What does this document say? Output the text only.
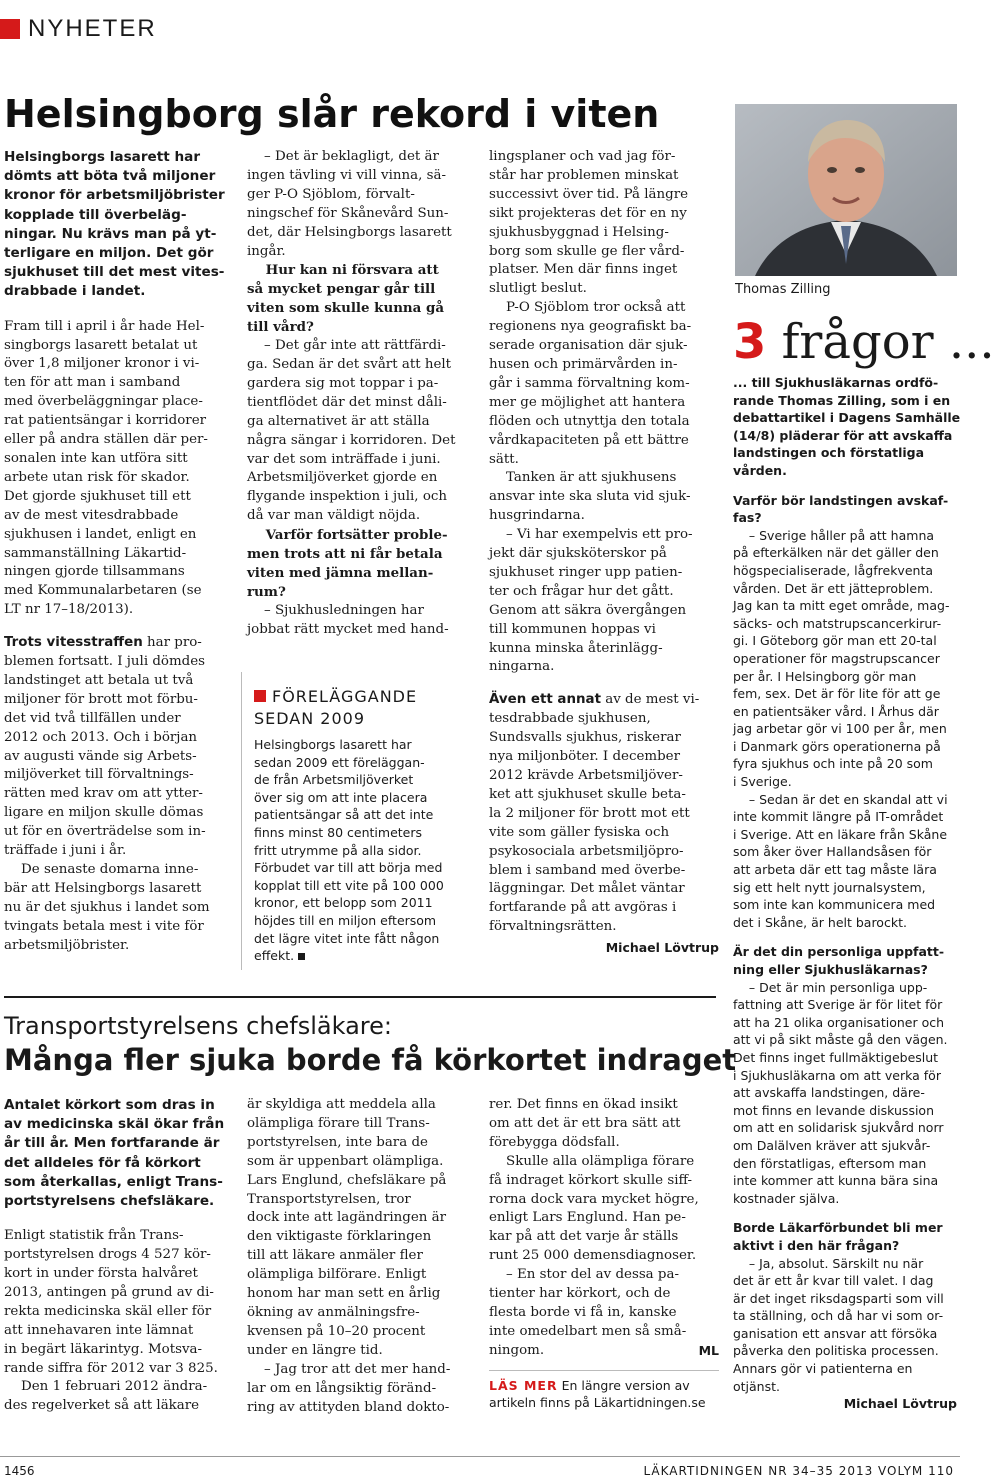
NYHETER
Helsingborg slår rekord i viten
Helsingborgs lasarett har
dömts att böta två miljoner
kronor för arbetsmiljöbrister
kopplade till överbeläg-
ningar. Nu krävs man på yt-
terligare en miljon. Det gör
sjukhuset till det mest vites-
drabbade i landet.
Fram till i april i år hade Hel-
singborgs lasarett betalat ut
över 1,8 miljoner kronor i vi-
ten för att man i samband
med överbeläggningar place-
rat patientsängar i korridorer
eller på andra ställen där per-
sonalen inte kan utföra sitt
arbete utan risk för skador.
Det gjorde sjukhuset till ett
av de mest vitesdrabbade
sjukhusen i landet, enligt en
sammanställning Läkartid-
ningen gjorde tillsammans
med Kommunalarbetaren (se
LT nr 17–18/2013).
Trots vitesstraffen har pro-
blemen fortsatt. I juli dömdes
landstinget att betala ut två
miljoner för brott mot förbu-
det vid två tillfällen under
2012 och 2013. Och i början
av augusti vände sig Arbets-
miljöverket till förvaltnings-
rätten med krav om att ytter-
ligare en miljon skulle dömas
ut för en överträdelse som in-
träffade i juni i år.
De senaste domarna inne-
bär att Helsingborgs lasarett
nu är det sjukhus i landet som
tvingats betala mest i vite för
arbetsmiljöbrister.
– Det är beklagligt, det är
ingen tävling vi vill vinna, sä-
ger P-O Sjöblom, förvalt-
ningschef för Skånevård Sun-
det, där Helsingborgs lasarett
ingår.
Hur kan ni försvara att
så mycket pengar går till
viten som skulle kunna gå
till vård?
– Det går inte att rättfärdi-
ga. Sedan är det svårt att helt
gardera sig mot toppar i pa-
tientflödet där det minst dåli-
ga alternativet är att ställa
några sängar i korridoren. Det
var det som inträffade i juni.
Arbetsmiljöverket gjorde en
flygande inspektion i juli, och
då var man väldigt nöjda.
Varför fortsätter proble-
men trots att ni får betala
viten med jämna mellan-
rum?
– Sjukhusledningen har
jobbat rätt mycket med hand-
FÖRELÄGGANDE
SEDAN 2009
Helsingborgs lasarett har
sedan 2009 ett föreläggan-
de från Arbetsmiljöverket
över sig om att inte placera
patientsängar så att det inte
finns minst 80 centimeters
fritt utrymme på alla sidor.
Förbudet var till att börja med
kopplat till ett vite på 100 000
kronor, ett belopp som 2011
höjdes till en miljon eftersom
det lägre vitet inte fått någon
effekt.
lingsplaner och vad jag för-
står har problemen minskat
successivt över tid. På längre
sikt projekteras det för en ny
sjukhusbyggnad i Helsing-
borg som skulle ge fler vård-
platser. Men där finns inget
slutligt beslut.
P-O Sjöblom tror också att
regionens nya geografiskt ba-
serade organisation där sjuk-
husen och primärvården in-
går i samma förvaltning kom-
mer ge möjlighet att hantera
flöden och utnyttja den totala
vårdkapaciteten på ett bättre
sätt.
Tanken är att sjukhusens
ansvar inte ska sluta vid sjuk-
husgrindarna.
– Vi har exempelvis ett pro-
jekt där sjuksköterskor på
sjukhuset ringer upp patien-
ter och frågar hur det gått.
Genom att säkra övergången
till kommunen hoppas vi
kunna minska återinlägg-
ningarna.
Även ett annat av de mest vi-
tesdrabbade sjukhusen,
Sundsvalls sjukhus, riskerar
nya miljonböter. I december
2012 krävde Arbetsmiljöver-
ket att sjukhuset skulle beta-
la 2 miljoner för brott mot ett
vite som gäller fysiska och
psykosociala arbetsmiljöpro-
blem i samband med överbe-
läggningar. Det målet väntar
fortfarande på att avgöras i
förvaltningsrätten.
Michael Lövtrup
Transportstyrelsens chefsläkare:
Många fler sjuka borde få körkortet indraget
Antalet körkort som dras in
av medicinska skäl ökar från
år till år. Men fortfarande är
det alldeles för få körkort
som återkallas, enligt Trans-
portstyrelsens chefsläkare.
Enligt statistik från Trans-
portstyrelsen drogs 4 527 kör-
kort in under första halvåret
2013, antingen på grund av di-
rekta medicinska skäl eller för
att innehavaren inte lämnat
in begärt läkarintyg. Motsva-
rande siffra för 2012 var 3 825.
Den 1 februari 2012 ändra-
des regelverket så att läkare
är skyldiga att meddela alla
olämpliga förare till Trans-
portstyrelsen, inte bara de
som är uppenbart olämpliga.
Lars Englund, chefsläkare på
Transportstyrelsen, tror
dock inte att lagändringen är
den viktigaste förklaringen
till att läkare anmäler fler
olämpliga bilförare. Enligt
honom har man sett en årlig
ökning av anmälningsfre-
kvensen på 10–20 procent
under en längre tid.
– Jag tror att det mer hand-
lar om en långsiktig föränd-
ring av attityden bland dokto-
rer. Det finns en ökad insikt
om att det är ett bra sätt att
förebygga dödsfall.
Skulle alla olämpliga förare
få indraget körkort skulle siff-
rorna dock vara mycket högre,
enligt Lars Englund. Han pe-
kar på att det varje år ställs
runt 25 000 demensdiagnoser.
– En stor del av dessa pa-
tienter har körkort, och de
flesta borde vi få in, kanske
inte omedelbart men så små-
ningom.	ML
LÄS MER En längre version av
artikeln finns på Läkartidningen.se
Thomas Zilling
3 frågor ...
... till Sjukhusläkarnas ordfö-
rande Thomas Zilling, som i en
debattartikel i Dagens Samhälle
(14/8) pläderar för att avskaffa
landstingen och förstatliga
vården.
Varför bör landstingen avskaf-
fas?
– Sverige håller på att hamna
på efterkälken när det gäller den
högspecialiserade, lågfrekventa
vården. Det är ett jätteproblem.
Jag kan ta mitt eget område, mag-
säcks- och matstrupscancerkirur-
gi. I Göteborg gör man ett 20-tal
operationer för magstrupscancer
per år. I Helsingborg gör man
fem, sex. Det är för lite för att ge
en patientsäker vård. I Århus där
jag arbetar gör vi 100 per år, men
i Danmark görs operationerna på
fyra sjukhus och inte på 20 som
i Sverige.
– Sedan är det en skandal att vi
inte kommit längre på IT-området
i Sverige. Att en läkare från Skåne
som åker över Hallandsåsen för
att arbeta där ett tag måste lära
sig ett helt nytt journalsystem,
som inte kan kommunicera med
det i Skåne, är helt barockt.
Är det din personliga uppfatt-
ning eller Sjukhusläkarnas?
– Det är min personliga upp-
fattning att Sverige är för litet för
att ha 21 olika organisationer och
att vi på sikt måste gå den vägen.
Det finns inget fullmäktigebeslut
i Sjukhusläkarna om att verka för
att avskaffa landstingen, däre-
mot finns en levande diskussion
om att en solidarisk sjukvård norr
om Dalälven kräver att sjukvår-
den förstatligas, eftersom man
inte kommer att kunna bära sina
kostnader själva.
Borde Läkarförbundet bli mer
aktivt i den här frågan?
– Ja, absolut. Särskilt nu när
det är ett år kvar till valet. I dag
är det inget riksdagsparti som vill
ta ställning, och då har vi som or-
ganisation ett ansvar att försöka
påverka den politiska processen.
Annars gör vi patienterna en
otjänst.
Michael Lövtrup
1456	LÄKARTIDNINGEN NR 34–35 2013 VOLYM 110
